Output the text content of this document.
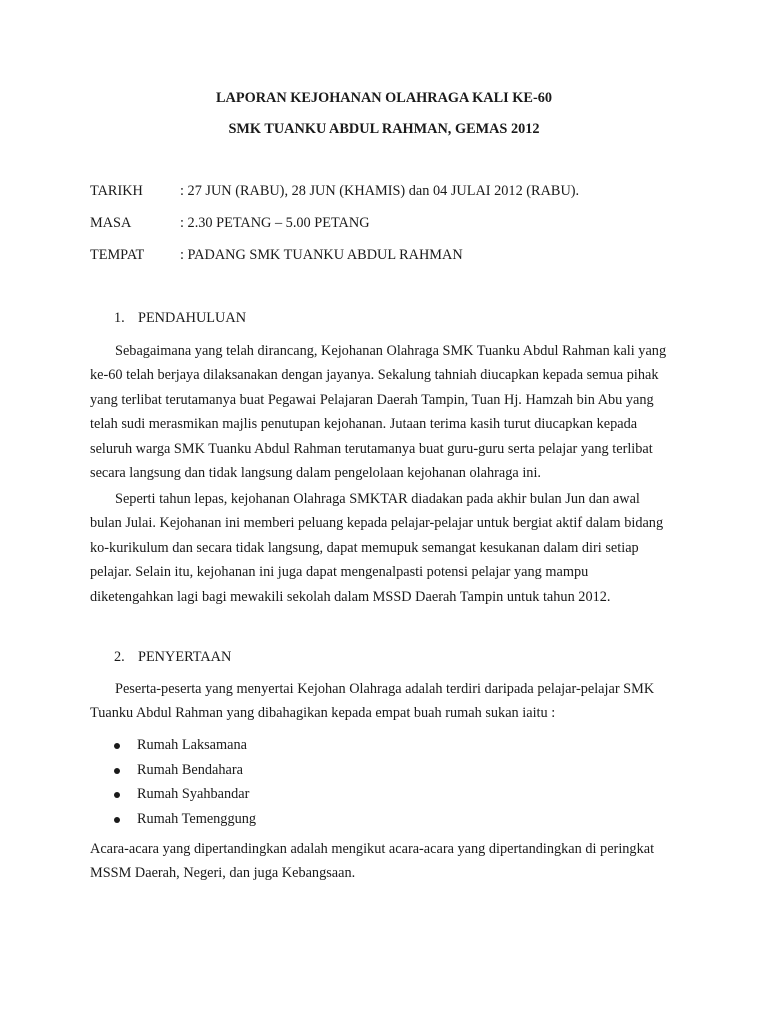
LAPORAN KEJOHANAN OLAHRAGA KALI KE-60
SMK TUANKU ABDUL RAHMAN, GEMAS 2012
TARIKH	: 27 JUN (RABU), 28 JUN (KHAMIS) dan 04 JULAI 2012 (RABU).
MASA	: 2.30 PETANG – 5.00 PETANG
TEMPAT	: PADANG SMK TUANKU ABDUL RAHMAN
1. PENDAHULUAN

Sebagaimana yang telah dirancang, Kejohanan Olahraga SMK Tuanku Abdul Rahman kali yang ke-60 telah berjaya dilaksanakan dengan jayanya. Sekalung tahniah diucapkan kepada semua pihak yang terlibat terutamanya buat Pegawai Pelajaran Daerah Tampin, Tuan Hj. Hamzah bin Abu yang telah sudi merasmikan majlis penutupan kejohanan. Jutaan terima kasih turut diucapkan kepada seluruh warga SMK Tuanku Abdul Rahman terutamanya buat guru-guru serta pelajar yang terlibat secara langsung dan tidak langsung dalam pengelolaan kejohanan olahraga ini.

Seperti tahun lepas, kejohanan Olahraga SMKTAR diadakan pada akhir bulan Jun dan awal bulan Julai. Kejohanan ini memberi peluang kepada pelajar-pelajar untuk bergiat aktif dalam bidang ko-kurikulum dan secara tidak langsung, dapat memupuk semangat kesukanan dalam diri setiap pelajar. Selain itu, kejohanan ini juga dapat mengenalpasti potensi pelajar yang mampu diketengahkan lagi bagi mewakili sekolah dalam MSSD Daerah Tampin untuk tahun 2012.

2. PENYERTAAN

Peserta-peserta yang menyertai Kejohan Olahraga adalah terdiri daripada pelajar-pelajar SMK Tuanku Abdul Rahman yang dibahagikan kepada empat buah rumah sukan iaitu :

Rumah Laksamana
Rumah Bendahara
Rumah Syahbandar
Rumah Temenggung

Acara-acara yang dipertandingkan adalah mengikut acara-acara yang dipertandingkan di peringkat MSSM Daerah, Negeri, dan juga Kebangsaan.
